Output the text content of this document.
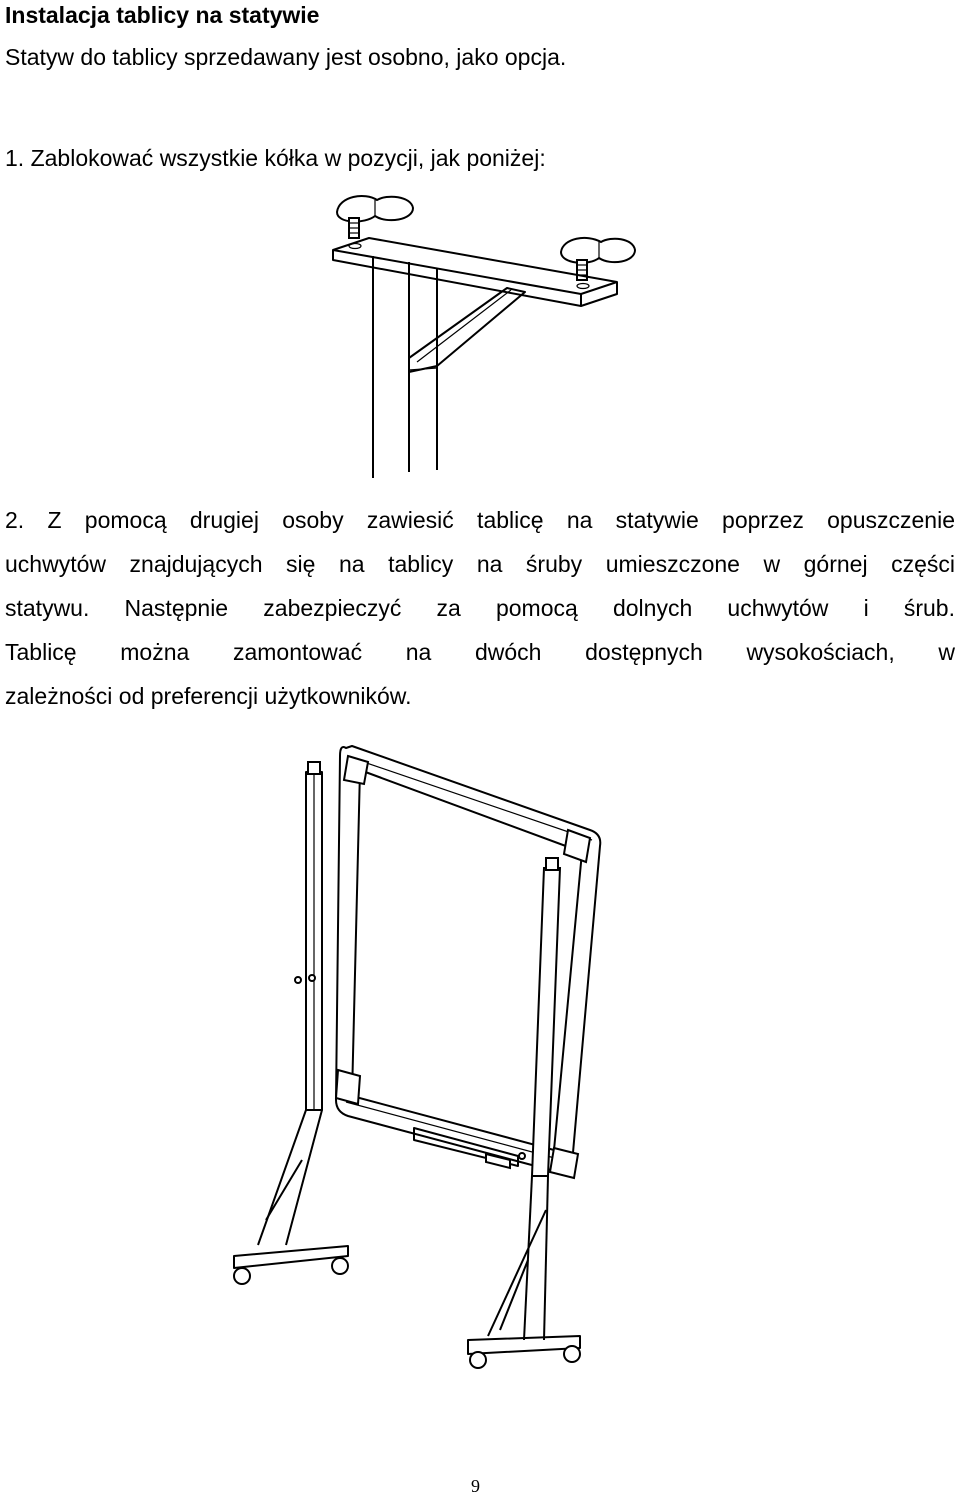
Instalacja tablicy na statywie

Statyw do tablicy sprzedawany jest osobno, jako opcja.

1. Zablokować wszystkie kółka w pozycji, jak poniżej:

2. Z pomocą drugiej osoby zawiesić tablicę na statywie poprzez opuszczenie
uchwytów znajdujących się na tablicy na śruby umieszczone w górnej części
statywu. Następnie zabezpieczyć za pomocą dolnych uchwytów i śrub.
Tablicę można zamontować na dwóch dostępnych wysokościach, w
zależności od preferencji użytkowników.
9
